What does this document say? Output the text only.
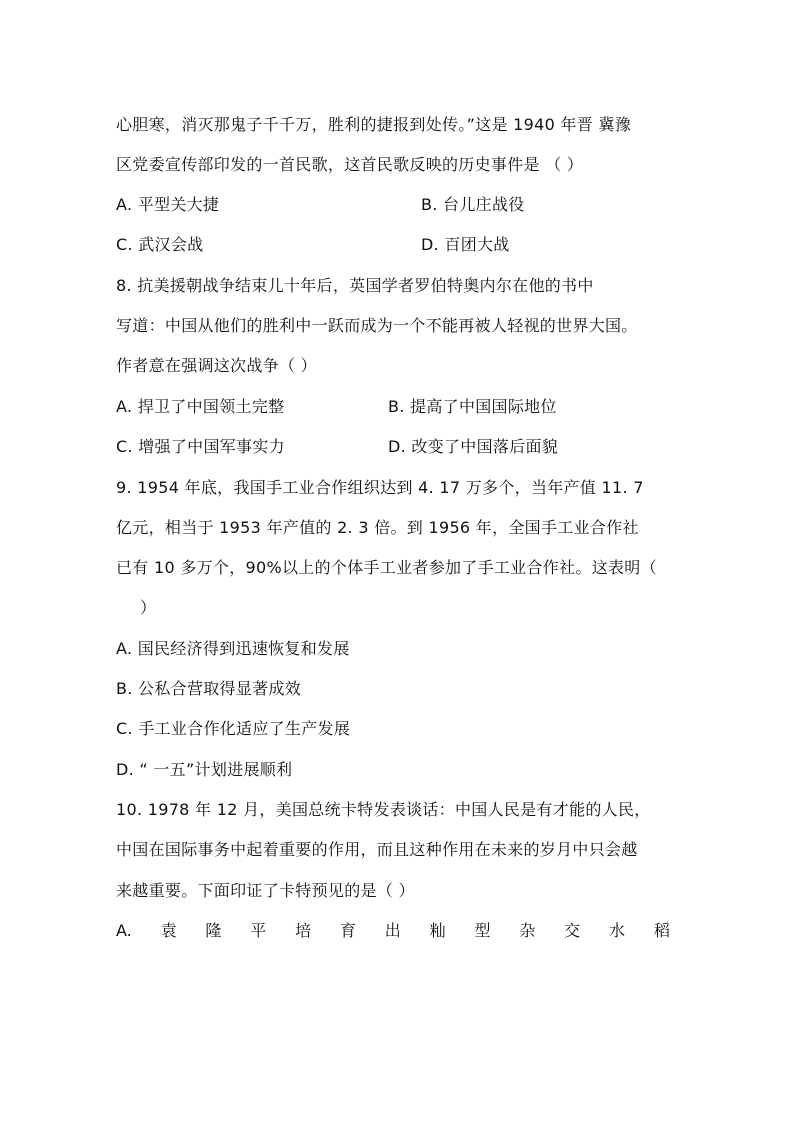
心胆寒，消灭那鬼子千千万，胜利的捷报到处传。”这是 1940 年晋 冀豫
区党委宣传部印发的一首民歌，这首民歌反映的历史事件是 （ ）
A. 平型关大捷	B. 台儿庄战役
C. 武汉会战	D. 百团大战
8. 抗美援朝战争结束儿十年后，英国学者罗伯特奥内尔在他的书中
写道：中国从他们的胜利中一跃而成为一个不能再被人轻视的世界大国。
作者意在强调这次战争（ ）
A. 捍卫了中国领土完整	B. 提高了中国国际地位
C. 增强了中国军事实力	D. 改变了中国落后面貌
9. 1954 年底，我国手工业合作组织达到 4. 17 万多个，当年产值 11. 7
亿元，相当于 1953 年产值的 2. 3 倍。到 1956 年，全国手工业合作社
已有 10 多万个，90%以上的个体手工业者参加了手工业合作社。这表明（
）
A. 国民经济得到迅速恢复和发展
B. 公私合营取得显著成效
C. 手工业合作化适应了生产发展
D. “ 一五”计划进展顺利
10. 1978 年 12 月，美国总统卡特发表谈话：中国人民是有才能的人民，
中国在国际事务中起着重要的作用，而且这种作用在未来的岁月中只会越
来越重要。下面印证了卡特预见的是（ ）
A. 袁 隆 平 培 育 出 籼 型 杂 交 水 稻
